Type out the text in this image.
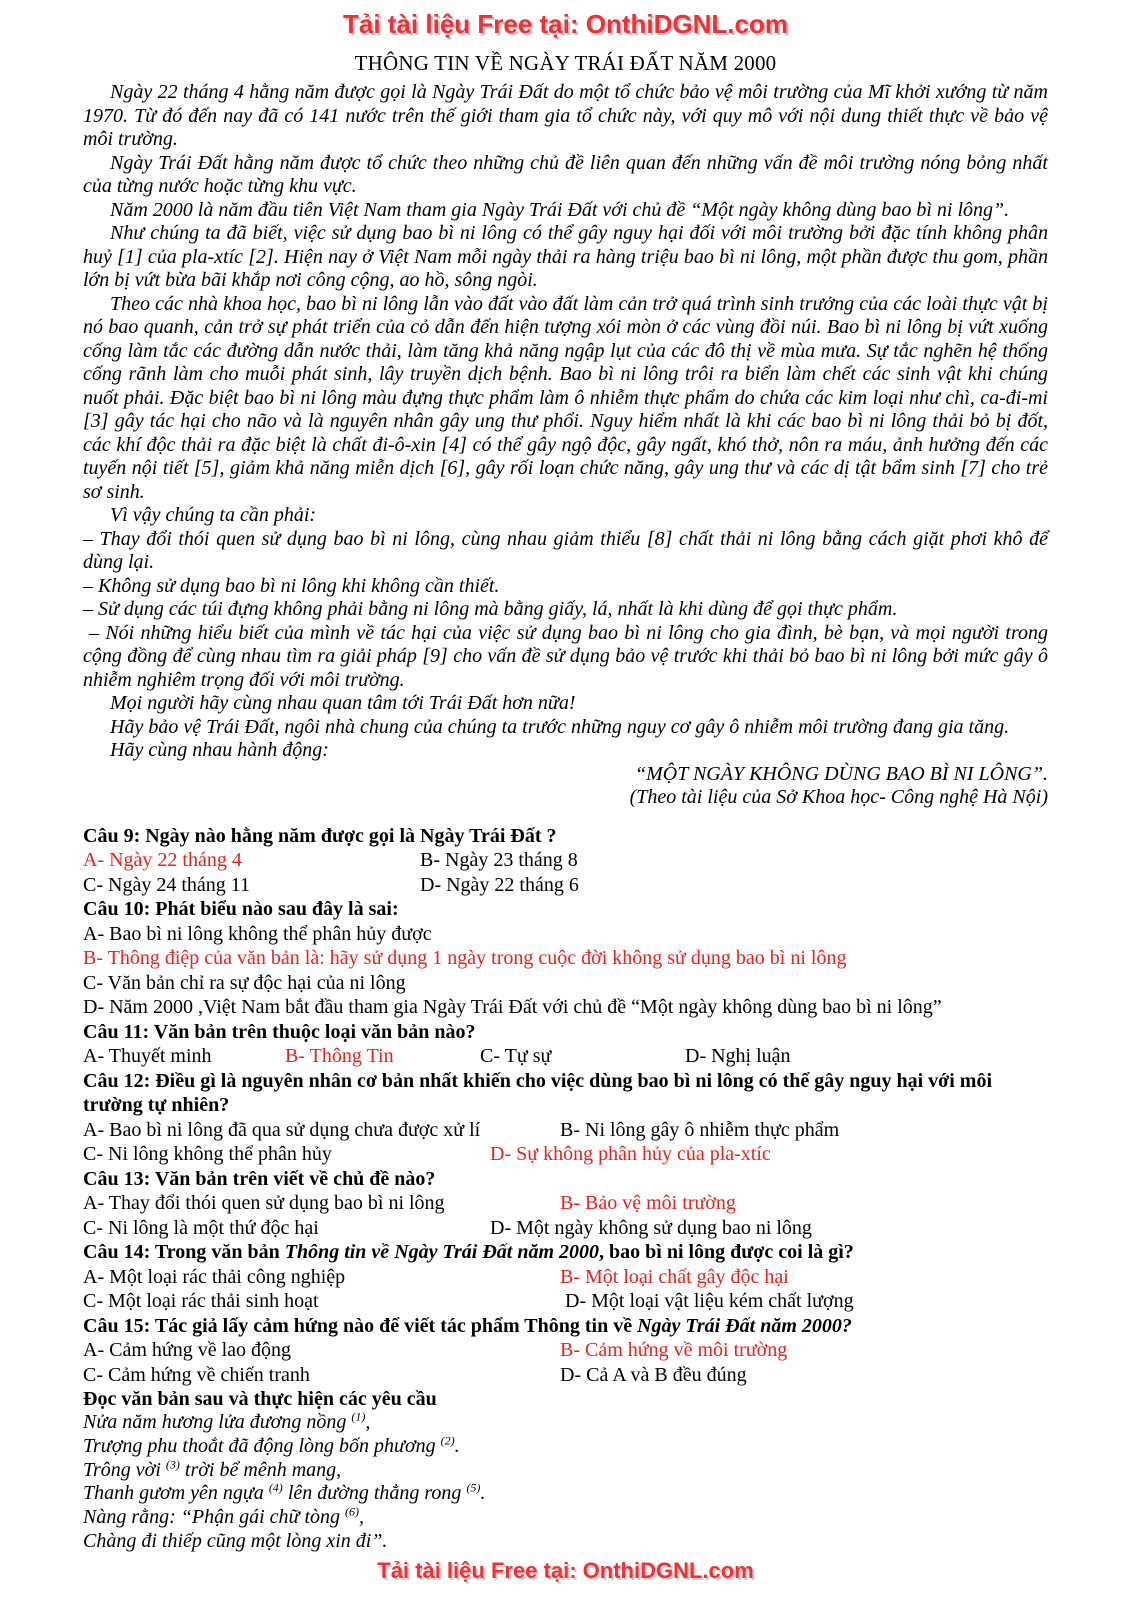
Tải tài liệu Free tại: OnthiDGNL.com
THÔNG TIN VỀ NGÀY TRÁI ĐẤT NĂM 2000

Ngày 22 tháng 4 hằng năm được gọi là Ngày Trái Đất do một tổ chức bảo vệ môi trường của Mĩ khởi xướng từ năm 1970. Từ đó đến nay đã có 141 nước trên thế giới tham gia tổ chức này, với quy mô với nội dung thiết thực về bảo vệ môi trường.

Ngày Trái Đất hằng năm được tổ chức theo những chủ đề liên quan đến những vấn đề môi trường nóng bỏng nhất của từng nước hoặc từng khu vực.

Năm 2000 là năm đầu tiên Việt Nam tham gia Ngày Trái Đất với chủ đề “Một ngày không dùng bao bì ni lông”.

Như chúng ta đã biết, việc sử dụng bao bì ni lông có thể gây nguy hại đối với môi trường bởi đặc tính không phân huỷ [1] của pla-xtíc [2]. Hiện nay ở Việt Nam mỗi ngày thải ra hàng triệu bao bì ni lông, một phần được thu gom, phần lớn bị vứt bừa bãi khắp nơi công cộng, ao hồ, sông ngòi.

Theo các nhà khoa học, bao bì ni lông lẫn vào đất vào đất làm cản trở quá trình sinh trưởng của các loài thực vật bị nó bao quanh, cản trở sự phát triển của cỏ dẫn đến hiện tượng xói mòn ở các vùng đồi núi. Bao bì ni lông bị vứt xuống cống làm tắc các đường dẫn nước thải, làm tăng khả năng ngập lụt của các đô thị về mùa mưa. Sự tắc nghẽn hệ thống cống rãnh làm cho muỗi phát sinh, lây truyền dịch bệnh. Bao bì ni lông trôi ra biển làm chết các sinh vật khi chúng nuốt phải. Đặc biệt bao bì ni lông màu đựng thực phẩm làm ô nhiễm thực phẩm do chứa các kim loại như chì, ca-đi-mi [3] gây tác hại cho não và là nguyên nhân gây ung thư phổi. Nguy hiểm nhất là khi các bao bì ni lông thải bỏ bị đốt, các khí độc thải ra đặc biệt là chất đi-ô-xin [4] có thể gây ngộ độc, gây ngất, khó thở, nôn ra máu, ảnh hưởng đến các tuyến nội tiết [5], giảm khả năng miễn dịch [6], gây rối loạn chức năng, gây ung thư và các dị tật bẩm sinh [7] cho trẻ sơ sinh.

Vì vậy chúng ta cần phải:

– Thay đổi thói quen sử dụng bao bì ni lông, cùng nhau giảm thiểu [8] chất thải ni lông bằng cách giặt phơi khô để dùng lại.

– Không sử dụng bao bì ni lông khi không cần thiết.

– Sử dụng các túi đựng không phải bằng ni lông mà bằng giấy, lá, nhất là khi dùng để gọi thực phẩm.

– Nói những hiểu biết của mình về tác hại của việc sử dụng bao bì ni lông cho gia đình, bè bạn, và mọi người trong cộng đồng để cùng nhau tìm ra giải pháp [9] cho vấn đề sử dụng bảo vệ trước khi thải bỏ bao bì ni lông bởi mức gây ô nhiễm nghiêm trọng đối với môi trường.

Mọi người hãy cùng nhau quan tâm tới Trái Đất hơn nữa!

Hãy bảo vệ Trái Đất, ngôi nhà chung của chúng ta trước những nguy cơ gây ô nhiễm môi trường đang gia tăng.

Hãy cùng nhau hành động:

“MỘT NGÀY KHÔNG DÙNG BAO BÌ NI LÔNG”.

(Theo tài liệu của Sở Khoa học- Công nghệ Hà Nội)

Câu 9: Ngày nào hằng năm được gọi là Ngày Trái Đất ?

A- Ngày 22 tháng 4	B- Ngày 23 tháng 8
C- Ngày 24 tháng 11	D- Ngày 22 tháng 6

Câu 10: Phát biểu nào sau đây là sai:

A- Bao bì ni lông không thể phân hủy được
B- Thông điệp của văn bản là: hãy sử dụng 1 ngày trong cuộc đời không sử dụng bao bì ni lông
C- Văn bản chỉ ra sự độc hại của ni lông
D- Năm 2000 ,Việt Nam bắt đầu tham gia Ngày Trái Đất với chủ đề “Một ngày không dùng bao bì ni lông”

Câu 11: Văn bản trên thuộc loại văn bản nào?

A- Thuyết minh	B- Thông Tin	C- Tự sự	D- Nghị luận

Câu 12: Điều gì là nguyên nhân cơ bản nhất khiến cho việc dùng bao bì ni lông có thể gây nguy hại với môi trường tự nhiên?

A- Bao bì ni lông đã qua sử dụng chưa được xử lí	B- Ni lông gây ô nhiễm thực phẩm
C- Ni lông không thể phân hủy	D- Sự không phân hủy của pla-xtíc

Câu 13: Văn bản trên viết về chủ đề nào?

A- Thay đổi thói quen sử dụng bao bì ni lông	B- Bảo vệ môi trường
C- Ni lông là một thứ độc hại	D- Một ngày không sử dụng bao ni lông

Câu 14: Trong văn bản Thông tin về Ngày Trái Đất năm 2000, bao bì ni lông được coi là gì?

A- Một loại rác thải công nghiệp	B- Một loại chất gây độc hại
C- Một loại rác thải sinh hoạt	D- Một loại vật liệu kém chất lượng

Câu 15: Tác giả lấy cảm hứng nào để viết tác phẩm Thông tin về Ngày Trái Đất năm 2000?

A- Cảm hứng về lao động	B- Cảm hứng về môi trường
C- Cảm hứng về chiến tranh	D- Cả A và B đều đúng

Đọc văn bản sau và thực hiện các yêu cầu

Nửa năm hương lửa đương nồng $^{(1)}$,

Trượng phu thoắt đã động lòng bốn phương $^{(2)}$.

Trông vời $^{(3)}$ trời bể mênh mang,

Thanh gươm yên ngựa $^{(4)}$ lên đường thẳng rong $^{(5)}$.

Nàng rằng: “Phận gái chữ tòng $^{(6)}$,

Chàng đi thiếp cũng một lòng xin đi”.

Tải tài liệu Free tại: OnthiDGNL.com
